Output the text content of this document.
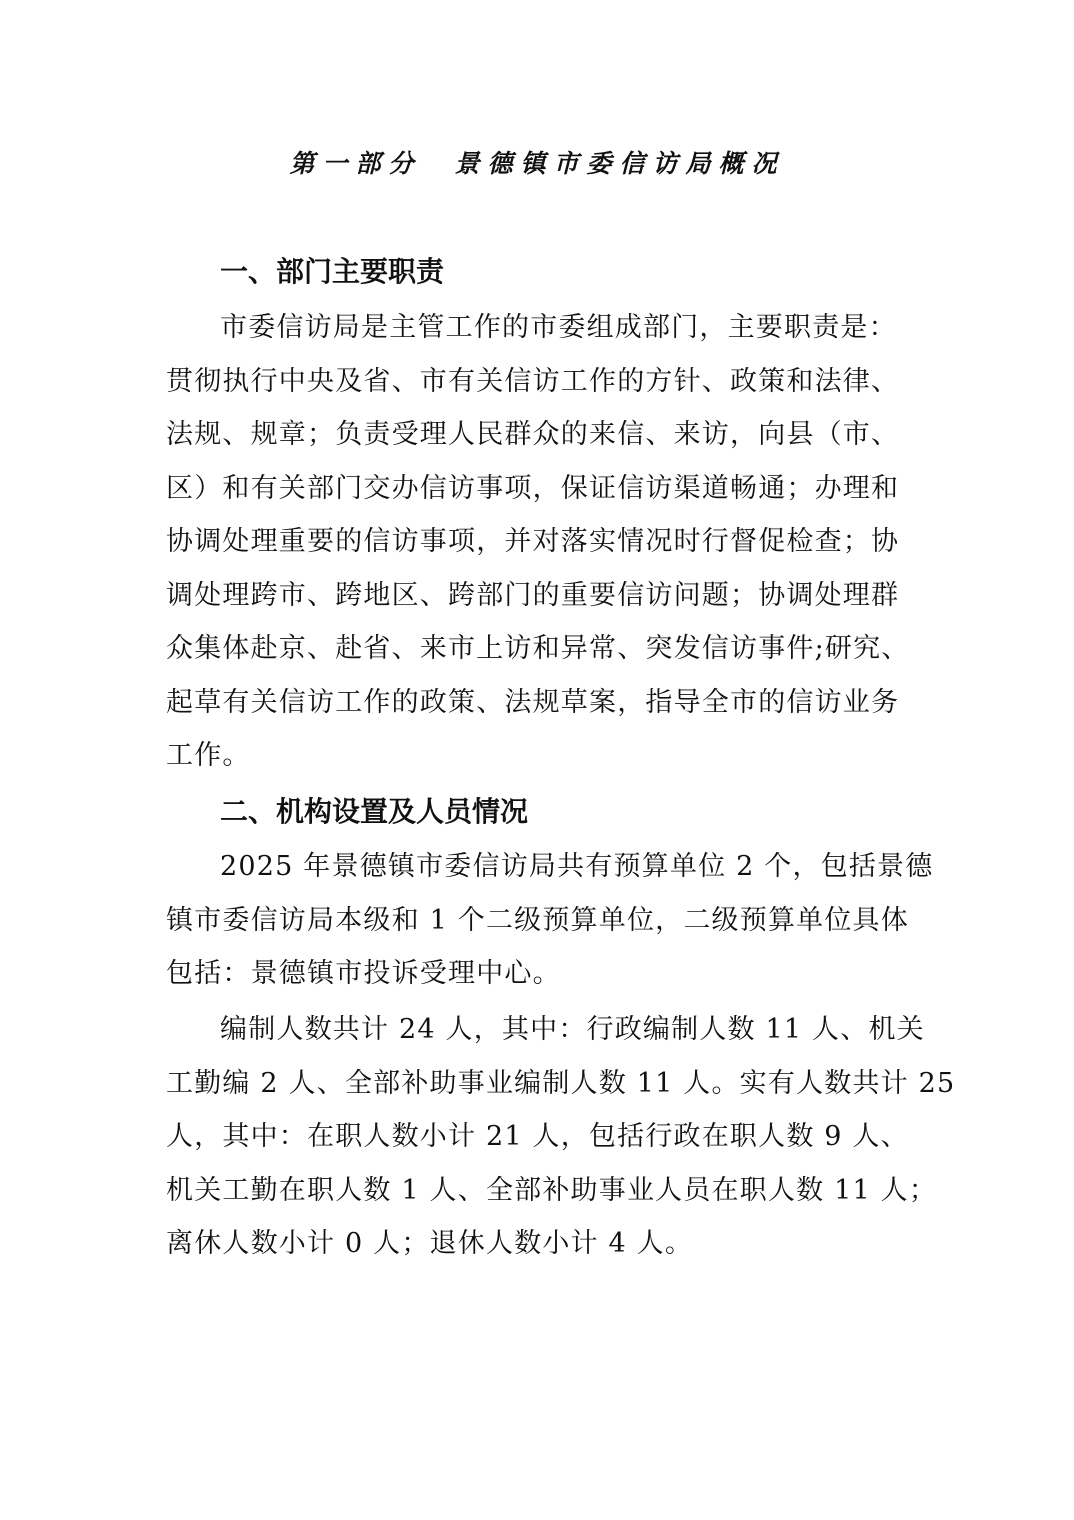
第一部分　景德镇市委信访局概况
一、部门主要职责
市委信访局是主管工作的市委组成部门，主要职责是：
贯彻执行中央及省、市有关信访工作的方针、政策和法律、
法规、规章；负责受理人民群众的来信、来访，向县（市、
区）和有关部门交办信访事项，保证信访渠道畅通；办理和
协调处理重要的信访事项，并对落实情况时行督促检查；协
调处理跨市、跨地区、跨部门的重要信访问题；协调处理群
众集体赴京、赴省、来市上访和异常、突发信访事件;研究、
起草有关信访工作的政策、法规草案，指导全市的信访业务
工作。
二、机构设置及人员情况
2025 年景德镇市委信访局共有预算单位 2 个，包括景德
镇市委信访局本级和 1 个二级预算单位，二级预算单位具体
包括：景德镇市投诉受理中心。
编制人数共计 24 人，其中：行政编制人数 11 人、机关
工勤编 2 人、全部补助事业编制人数 11 人。实有人数共计 25
人，其中：在职人数小计 21 人，包括行政在职人数 9 人、
机关工勤在职人数 1 人、全部补助事业人员在职人数 11 人；
离休人数小计 0 人；退休人数小计 4 人。
